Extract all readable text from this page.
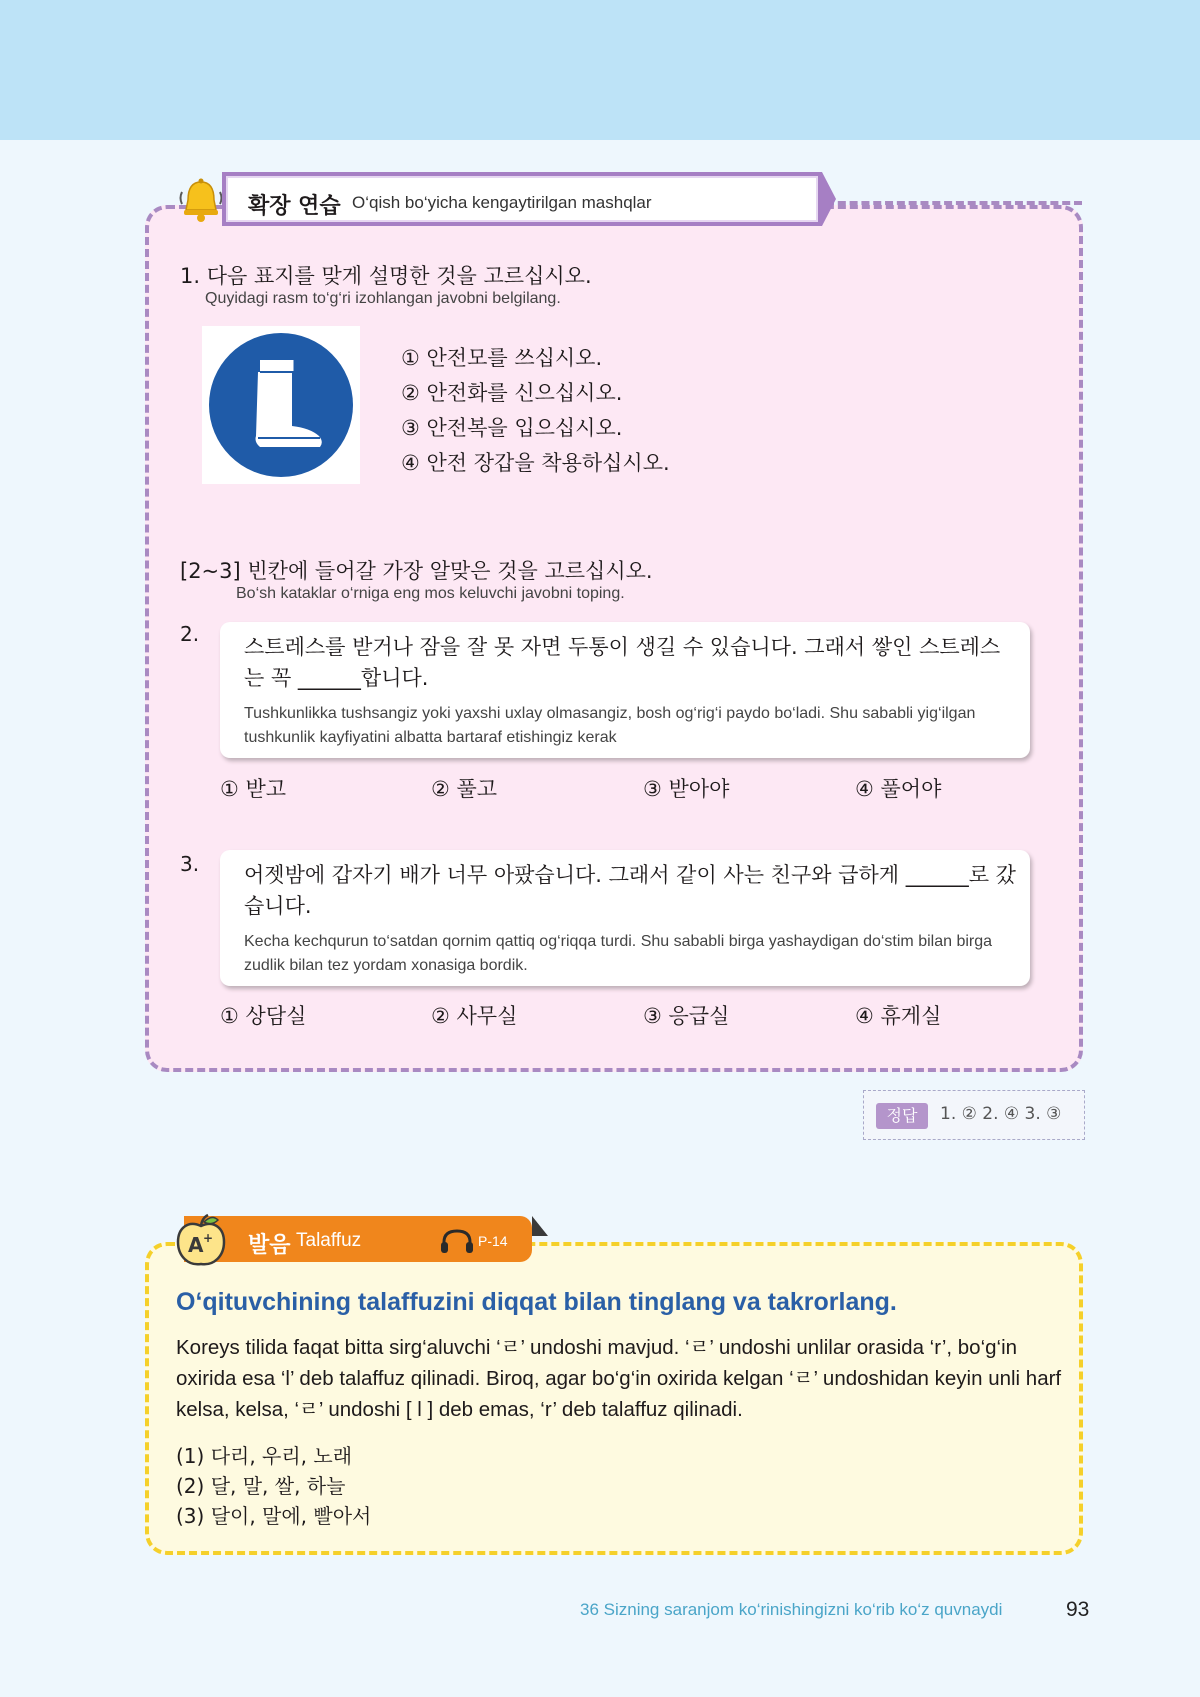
확장 연습 O‘qish bo‘yicha kengaytirilgan mashqlar
1. 다음 표지를 맞게 설명한 것을 고르십시오.
Quyidagi rasm to‘g‘ri izohlangan javobni belgilang.
① 안전모를 쓰십시오.
② 안전화를 신으십시오.
③ 안전복을 입으십시오.
④ 안전 장갑을 착용하십시오.
[2~3] 빈칸에 들어갈 가장 알맞은 것을 고르십시오.
Bo‘sh kataklar o‘rniga eng mos keluvchi javobni toping.
2.
스트레스를 받거나 잠을 잘 못 자면 두통이 생길 수 있습니다. 그래서 쌓인 스트레스는 꼭 ______합니다.
Tushkunlikka tushsangiz yoki yaxshi uxlay olmasangiz, bosh og‘rig‘i paydo bo‘ladi. Shu sababli yig‘ilgan tushkunlik kayfiyatini albatta bartaraf etishingiz kerak
① 받고	② 풀고	③ 받아야	④ 풀어야
3. 어젯밤에 갑자기 배가 너무 아팠습니다. 그래서 같이 사는 친구와 급하게 ______로 갔습니다.
Kecha kechqurun to‘satdan qornim qattiq og‘riqqa turdi. Shu sababli birga yashaydigan do‘stim bilan birga zudlik bilan tez yordam xonasiga bordik.
① 상담실	② 사무실	③ 응급실	④ 휴게실
정답	1. ② 2. ④ 3. ③
A + 발음 Talaffuz	P-14
O‘qituvchining talaffuzini diqqat bilan tinglang va takrorlang.
Koreys tilida faqat bitta sirg‘aluvchi ‘ㄹ’ undoshi mavjud. ‘ㄹ’ undoshi unlilar orasida ‘r’, bo‘g‘in oxirida esa ‘l’ deb talaffuz qilinadi. Biroq, agar bo‘g‘in oxirida kelgan ‘ㄹ’ undoshidan keyin unli harf kelsa, kelsa, ‘ㄹ’ undoshi [ l ] deb emas, ‘r’ deb talaffuz qilinadi.
(1) 다리, 우리, 노래
(2) 달, 말, 쌀, 하늘
(3) 달이, 말에, 빨아서
36 Sizning saranjom ko‘rinishingizni ko‘rib ko‘z quvnaydi	93
